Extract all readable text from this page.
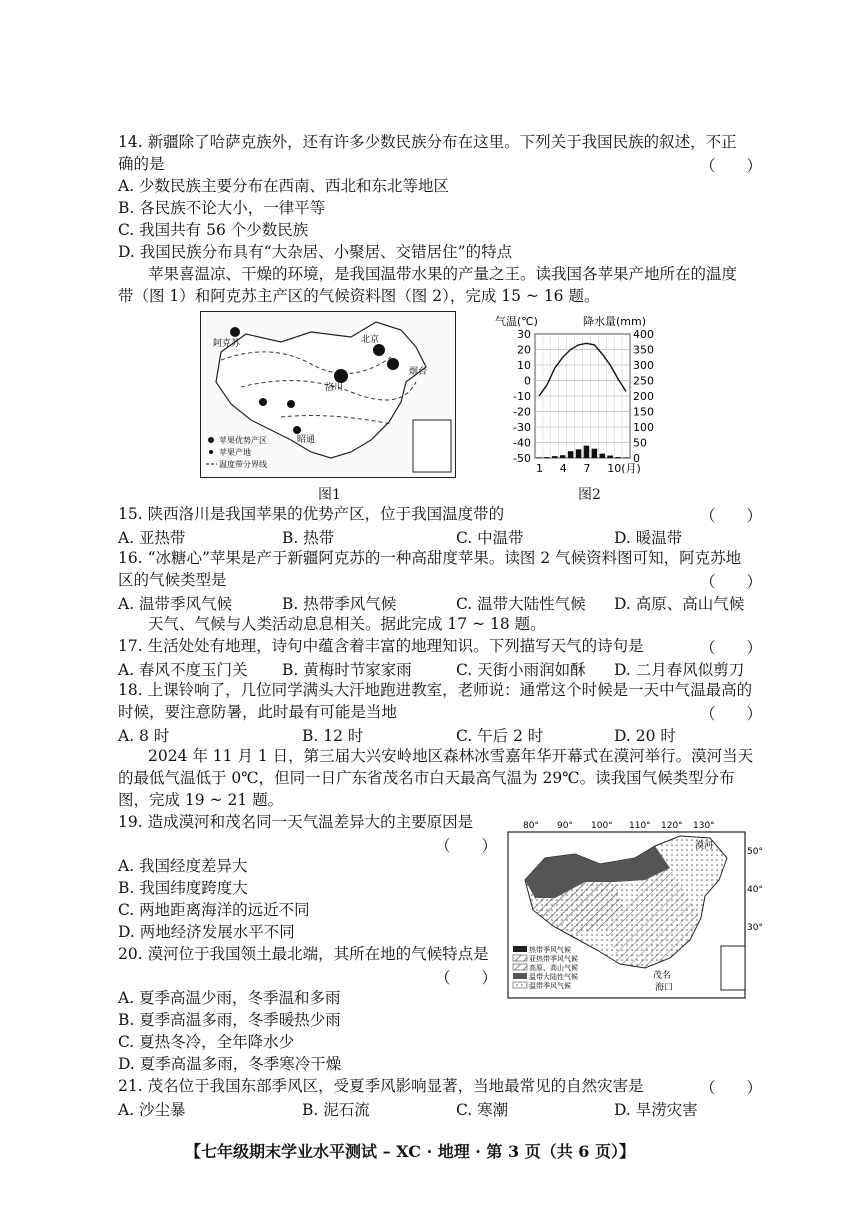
14. 新疆除了哈萨克族外，还有许多少数民族分布在这里。下列关于我国民族的叙述，不正
确的是	（　　）
A. 少数民族主要分布在西南、西北和东北等地区
B. 各民族不论大小，一律平等
C. 我国共有 56 个少数民族
D. 我国民族分布具有“大杂居、小聚居、交错居住”的特点
苹果喜温凉、干燥的环境，是我国温带水果的产量之王。读我国各苹果产地所在的温度
带（图 1）和阿克苏主产区的气候资料图（图 2），完成 15 ~ 16 题。
阿克苏	北京
烟台
洛川
昭通
苹果优势产区
苹果产地
温度带分界线
图1
气温(℃)	降水量(mm)
30
20
10
0
-10
-20
-30
-40
-50
400
350
300
250
200
150
100
50
0
1 4 7 10(月)
图2
15. 陕西洛川是我国苹果的优势产区，位于我国温度带的	（　　）
A. 亚热带	B. 热带	C. 中温带	D. 暖温带
16. “冰糖心”苹果是产于新疆阿克苏的一种高甜度苹果。读图 2 气候资料图可知，阿克苏地
区的气候类型是	（　　）
A. 温带季风气候	B. 热带季风气候	C. 温带大陆性气候 D. 高原、高山气候
天气、气候与人类活动息息相关。据此完成 17 ~ 18 题。
17. 生活处处有地理，诗句中蕴含着丰富的地理知识。下列描写天气的诗句是	（　　）
A. 春风不度玉门关 B. 黄梅时节家家雨	C. 天街小雨润如酥 D. 二月春风似剪刀
18. 上课铃响了，几位同学满头大汗地跑进教室，老师说：通常这个时候是一天中气温最高的
时候，要注意防暑，此时最有可能是当地	（　　）
A. 8 时	B. 12 时	C. 午后 2 时	D. 20 时
2024 年 11 月 1 日，第三届大兴安岭地区森林冰雪嘉年华开幕式在漠河举行。漠河当天
的最低气温低于 0℃，但同一日广东省茂名市白天最高气温为 29℃。读我国气候类型分布
图，完成 19 ~ 21 题。
19. 造成漠河和茂名同一天气温差异大的主要原因是
（　　）
A. 我国经度差异大
B. 我国纬度跨度大
C. 两地距离海洋的远近不同
D. 两地经济发展水平不同
20. 漠河位于我国领土最北端，其所在地的气候特点是
（　　）
A. 夏季高温少雨，冬季温和多雨
B. 夏季高温多雨，冬季暖热少雨
C. 夏热冬冷，全年降水少
D. 夏季高温多雨，冬季寒冷干燥
80° 90° 100° 110° 120° 130°
50°
40°
30°
漠河
茂名
海口
热带季风气候
亚热带季风气候
高原、高山气候
温带大陆性气候
温带季风气候
21. 茂名位于我国东部季风区，受夏季风影响显著，当地最常见的自然灾害是	（　　）
A. 沙尘暴	B. 泥石流	C. 寒潮	D. 旱涝灾害
【七年级期末学业水平测试 – XC · 地理 · 第 3 页（共 6 页）】
